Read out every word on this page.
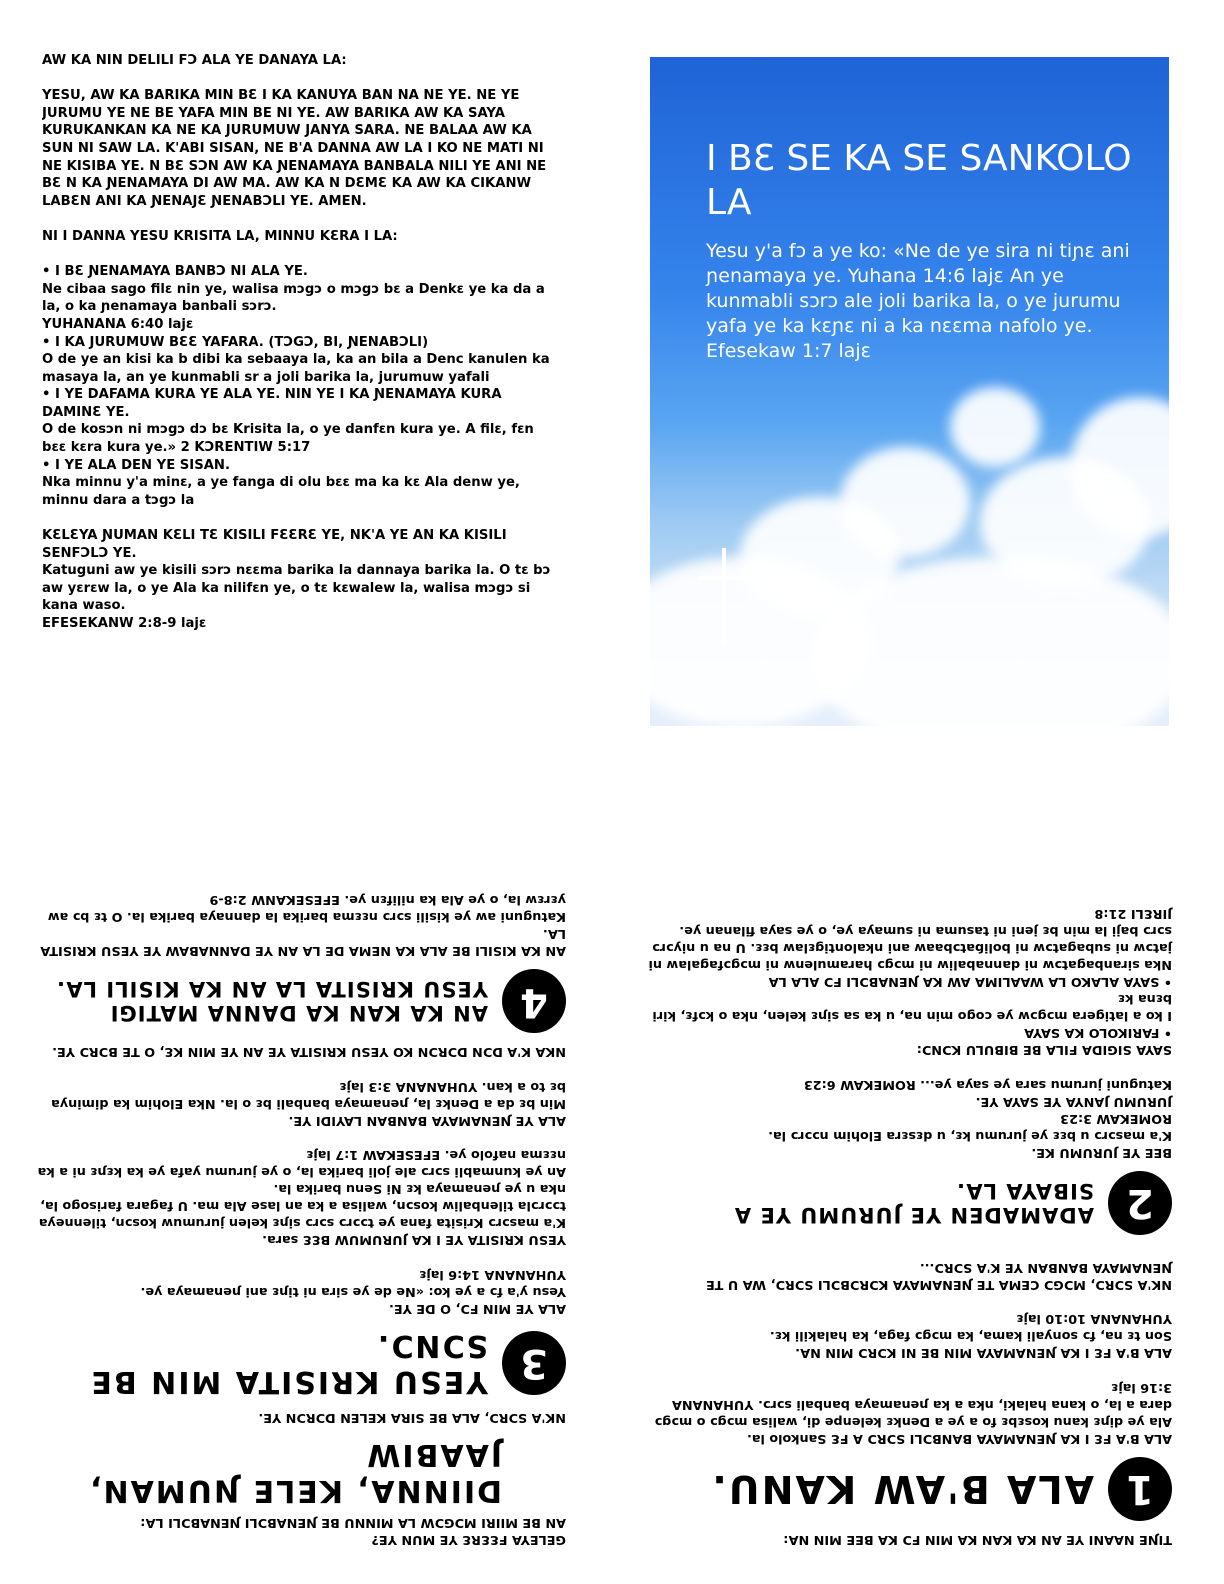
AW KA NIN DELILI FƆ ALA YE DANAYA LA:

YESU, AW KA BARIKA MIN BƐ I KA KANUYA BAN NA NE YE. NE YE JURUMU YE NE BE YAFA MIN BE NI YE. AW BARIKA AW KA SAYA KURUKANKAN KA NE KA JURUMUW JANYA SARA. NE BALAA AW KA SUN NI SAW LA. K'ABI SISAN, NE B'A DANNA AW LA I KO NE MATI NI NE KISIBA YE. N BƐ SƆN AW KA ƝENAMAYA BANBALA NILI YE ANI NE BƐ N KA ƝENAMAYA DI AW MA. AW KA N DƐMƐ KA AW KA CIKANW LABƐN ANI KA ƝENAJƐ ƝENABƆLI YE. AMEN.

NI I DANNA YESU KRISITA LA, MINNU KƐRA I LA:

• I BƐ ƝENAMAYA BANBƆ NI ALA YE.

Ne cibaa sago filɛ nin ye, walisa mɔgɔ o mɔgɔ bɛ a Denkɛ ye ka da a la, o ka ɲenamaya banbali sɔrɔ.

YUHANANA 6:40 lajɛ

• I KA JURUMUW BƐƐ YAFARA. (TƆGƆ, BI, ƝENABƆLI)

O de ye an kisi ka b dibi ka sebaaya la, ka an bila a Denc kanulen ka masaya la, an ye kunmabli sr a joli barika la, jurumuw yafali

• I YE DAFAMA KURA YE ALA YE. NIN YE I KA ƝENAMAYA KURA DAMINƐ YE.

O de kosɔn ni mɔgɔ dɔ bɛ Krisita la, o ye danfɛn kura ye. A filɛ, fɛn bɛɛ kɛra kura ye.» 2 KƆRENTIW 5:17

• I YE ALA DEN YE SISAN.

Nka minnu y'a minɛ, a ye fanga di olu bɛɛ ma ka kɛ Ala denw ye, minnu dara a tɔgɔ la

KƐLƐYA ƝUMAN KƐLI TƐ KISILI FƐƐRƐ YE, NK'A YE AN KA KISILI SENFƆLƆ YE.

Katuguni aw ye kisili sɔrɔ nɛɛma barika la dannaya barika la. O tɛ bɔ aw yɛrɛw la, o ye Ala ka nilifɛn ye, o tɛ kɛwalew la, walisa mɔgɔ si kana waso.

EFESEKANW 2:8-9 lajɛ

I BƐ SE KA SE SANKOLO LA
Yesu y'a fɔ a ye ko: «Ne de ye sira ni tiɲɛ ani ɲenamaya ye. Yuhana 14:6 lajɛ An ye kunmabli sɔrɔ ale joli barika la, o ye jurumu yafa ye ka kɛɲɛ ni a ka nɛɛma nafolo ye. Efesekaw 1:7 lajɛ

GELEYA FƐƐRƐ YE MUN YE?

AN BE MIIRI MƆGƆW LA MINNU BE ƝENABƆLI ƝENABƆLI LA:

DIINNA, KELE ƝUMAN, JAABIW

NK'A SƆRƆ, ALA BE SIRA KELEN DƆRƆN YE.

3
YESU KRISITA MIN BE SƆNƆ.

ALA YE MIN FƆ, O DE YE.

Yesu y'a fɔ a ye ko: «Ne de ye sira ni tiɲɛ ani ɲenamaya ye.

YUHANANA 14:6 lajɛ

YESU KRISITA YE I KA JURUMUW BƐƐ sara.

K'a masɔrɔ Krisita fana ye tɔɔrɔ sɔrɔ siɲɛ kelen jurumuw kosɔn, tilenneya tɔɔrɔla tilenbaliw kosɔn, walisa a ka an lase Ala ma. U fagara farisogo la, nka u ye ɲenamaya kɛ Ni Senu barika la.

An ye kunmabli sɔrɔ ale joli barika la, o ye jurumu yafa ye ka kɛɲɛ ni a ka nɛɛma nafolo ye. EFESEKAW 1:7 lajɛ

ALA YE ƝENAMAYA BANBAN LAYIDI YE.

Min bɛ da a Denkɛ la, ɲenamaya banbali bɛ o la. Nka Elohim ka diminya bɛ to a kan. YUHANANA 3:3 lajɛ

NKA K'A DƆN DƆRƆN KO YESU KRISITA YE AN YE MIN KƐ, O TE BƆRƆ YE.

4
AN KA KAN KA DANNA MATIGI YESU KRISITA LA AN KA KISILI LA.

AN KA KISILI BE ALA KA NEMA DE LA AN YE DANNABAW YE YESU KRISITA LA.

Katuguni aw ye kisili sɔrɔ nɛɛma barika la dannaya barika la. O tɛ bɔ aw yɛrɛw la, o ye Ala ka nilifɛn ye. EFESEKANW 2:8-9

TIƝE NAANI YE AN KA KAN KA MIN FƆ KA BEE MIN NA:

1
ALA B'AW KANU.

ALA B'A FƐ I KA ƝENAMAYA BANBƆLI SƆRƆ A FƐ Sankolo la.

Ala ye diɲɛ kanu kosɛbɛ fo a ye a Denkɛ kelenpe di, walisa mɔgɔ o mɔgɔ dara a la, o kana halaki, nka a ka ɲenamaya banbali sɔrɔ. YUHANANA 3:16 lajɛ

ALA B'A FƐ I KA ƝENAMAYA MIN BE NI KƆRƆ MIN NA.

Son tɛ na, fɔ sonyali kama, ka mɔgɔ faga, ka halakili kɛ.

YUHANANA 10:10 lajɛ

NK'A SƆRƆ, MƆGƆ CEMA TE ƝENAMAYA KƆRƆBƆLI SƆRƆ, WA U TE ƝENAMAYA BANBAN YE K'A SƆRƆ...

2
ADAMADEN YE JURUMU YE A SIBAYA LA.

BEE YE JURUMU KE.

K'a masɔrɔ u bɛɛ ye jurumu kɛ, u dɛsɛra Elohim nɔɔrɔ la.

ROMEKAW 3:23

JURUMU JANYA YE SAYA YE.

Katuguni jurumu sara ye saya ye... ROMEKAW 6:23

SAYA SIGIDA FILA BE BIBULU KƆNƆ:

• FARIKOLO KA SAYA

I ko a latigera mɔgɔw ye cogo min na, u ka sa siɲɛ kelen, nka o kɔfɛ, kiri bɛna kɛ

• SAYA ALAKO LA WAALIMA AW KA ƝENABƆLI FƆ ALA LA

Nka siranbagatɔw ni dannabaliw ni mɔgɔ haramulenw ni mɔgɔfagalaw ni jatɔw ni subagatɔw ni boliɓatɔbaaw ani nkalontigɛlaw bɛɛ. U na u niyɔrɔ sɔrɔ baji la min bɛ jeni ni tasuma ni sumaya ye, o ye saya filanan ye. JIRƐLI 21:8
